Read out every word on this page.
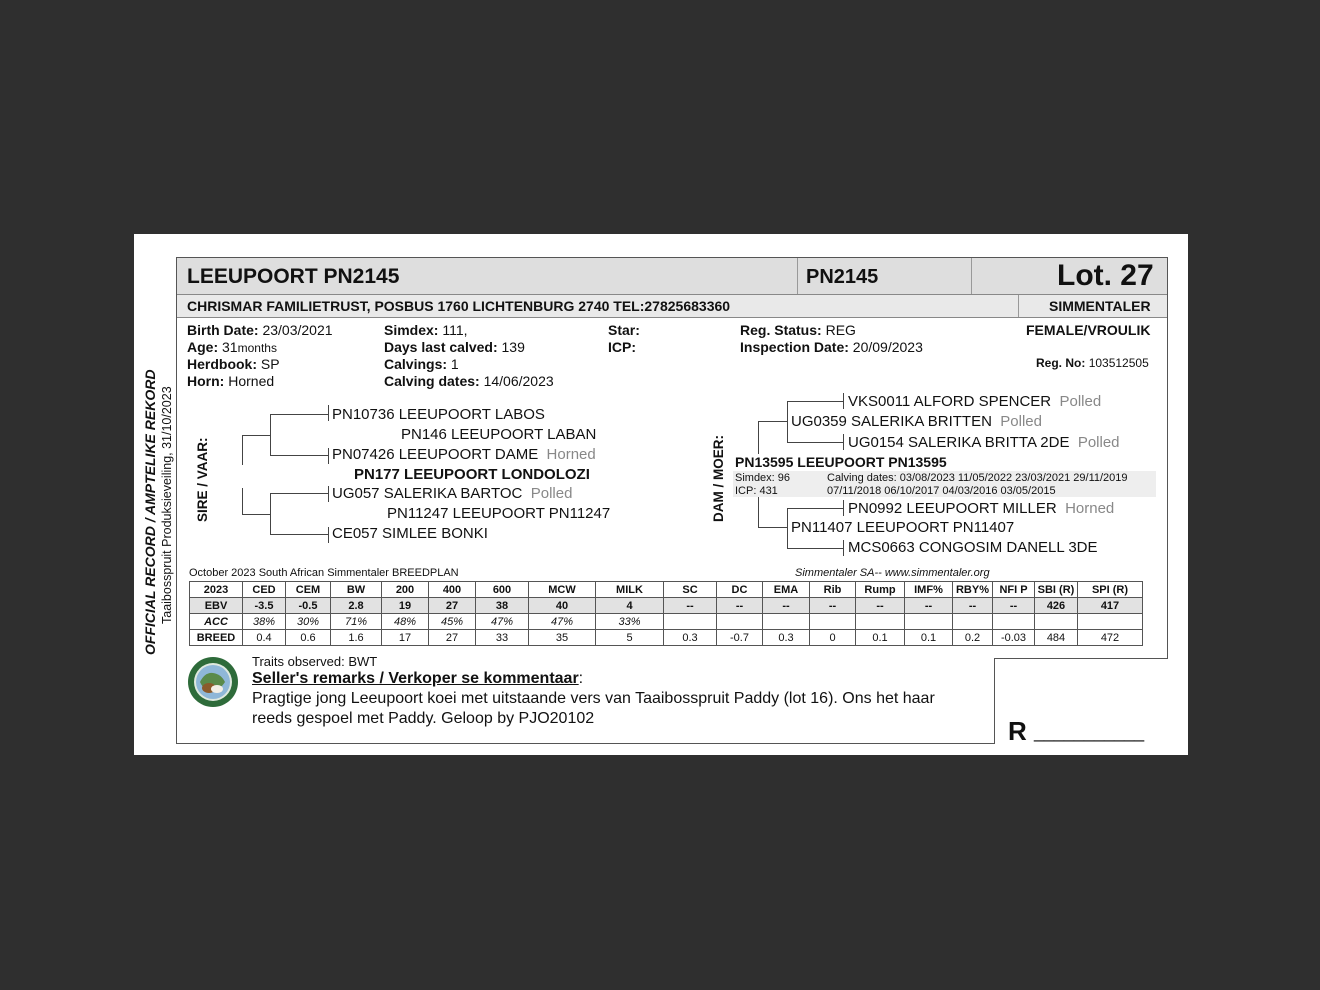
OFFICIAL RECORD / AMPTELIKE REKORD Taaibosspruit Produksieveiling, 31/10/2023
LEEUPOORT PN2145	PN2145	Lot. 27
CHRISMAR FAMILIETRUST, POSBUS 1760 LICHTENBURG 2740 TEL:27825683360	SIMMENTALER
Birth Date: 23/03/2021
Age: 31months
Herdbook: SP
Horn: Horned
Simdex: 111,
Days last calved: 139
Calvings: 1
Calving dates: 14/06/2023
Star:
ICP:
Reg. Status: REG
Inspection Date: 20/09/2023
FEMALE/VROULIK
Reg. No: 103512505
SIRE / VAAR:
PN10736 LEEUPOORT LABOS
PN146 LEEUPOORT LABAN
PN07426 LEEUPOORT DAME Horned
PN177 LEEUPOORT LONDOLOZI
UG057 SALERIKA BARTOC Polled
PN11247 LEEUPOORT PN11247
CE057 SIMLEE BONKI
DAM / MOER:
VKS0011 ALFORD SPENCER Polled
UG0359 SALERIKA BRITTEN Polled
UG0154 SALERIKA BRITTA 2DE Polled
PN13595 LEEUPOORT PN13595
Simdex: 96
ICP: 431
Calving dates: 03/08/2023 11/05/2022 23/03/2021 29/11/2019
07/11/2018 06/10/2017 04/03/2016 03/05/2015
PN0992 LEEUPOORT MILLER Horned
PN11407 LEEUPOORT PN11407
MCS0663 CONGOSIM DANELL 3DE
October 2023 South African Simmentaler BREEDPLAN	Simmentaler SA-- www.simmentaler.org
2023	CED	CEM	BW	200	400	600	MCW	MILK	SC	DC	EMA	Rib	Rump	IMF%	RBY%	NFI P	SBI (R)	SPI (R)
EBV	-3.5	-0.5	2.8	19	27	38	40	4	--	--	--	--	--	--	--	--	426	417
ACC	38%	30%	71%	48%	45%	47%	47%	33%										
BREED	0.4	0.6	1.6	17	27	33	35	5	0.3	-0.7	0.3	0	0.1	0.1	0.2	-0.03	484	472
Traits observed: BWT
Seller's remarks / Verkoper se kommentaar:
Pragtige jong Leeupoort koei met uitstaande vers van Taaibosspruit Paddy (lot 16). Ons het haar
reeds gespoel met Paddy. Geloop by PJO20102	R ___________
